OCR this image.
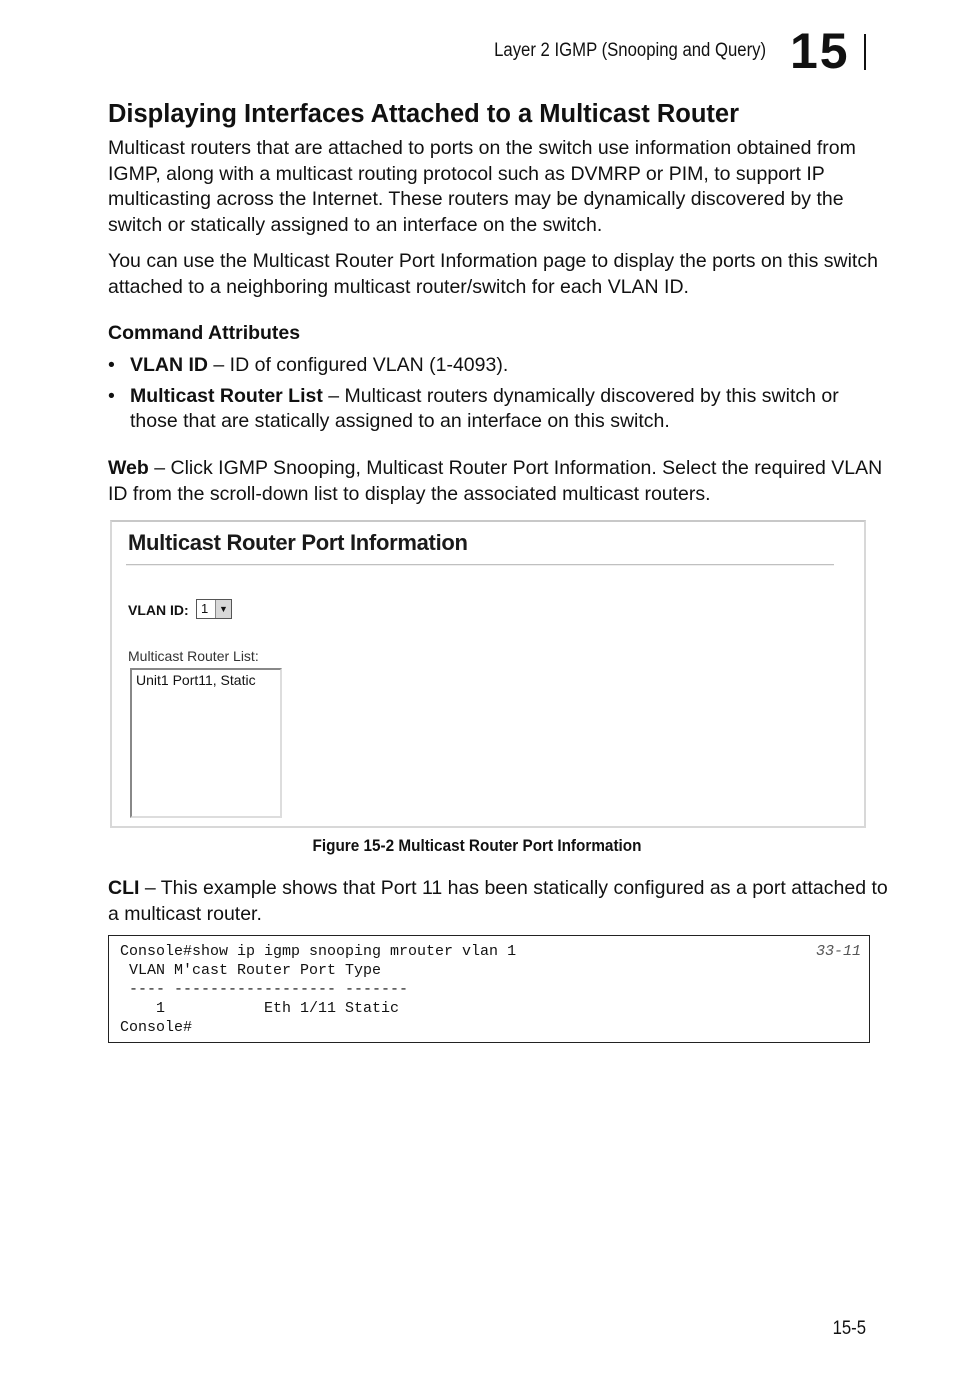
Layer 2 IGMP (Snooping and Query) 15
Displaying Interfaces Attached to a Multicast Router

Multicast routers that are attached to ports on the switch use information obtained from IGMP, along with a multicast routing protocol such as DVMRP or PIM, to support IP multicasting across the Internet. These routers may be dynamically discovered by the switch or statically assigned to an interface on the switch.

You can use the Multicast Router Port Information page to display the ports on this switch attached to a neighboring multicast router/switch for each VLAN ID.

Command Attributes

• VLAN ID – ID of configured VLAN (1-4093).
• Multicast Router List – Multicast routers dynamically discovered by this switch or those that are statically assigned to an interface on this switch.

Web – Click IGMP Snooping, Multicast Router Port Information. Select the required VLAN ID from the scroll-down list to display the associated multicast routers.

Multicast Router Port Information
VLAN ID: 1	▼
Multicast Router List:
Unit1 Port11, Static
Figure 15-2 Multicast Router Port Information

CLI – This example shows that Port 11 has been statically configured as a port attached to a multicast router.

Console#show ip igmp snooping mrouter vlan 1
VLAN M'cast Router Port Type
---- ------------------ -------
1           Eth 1/11 Static
Console#
33-11
15-5
